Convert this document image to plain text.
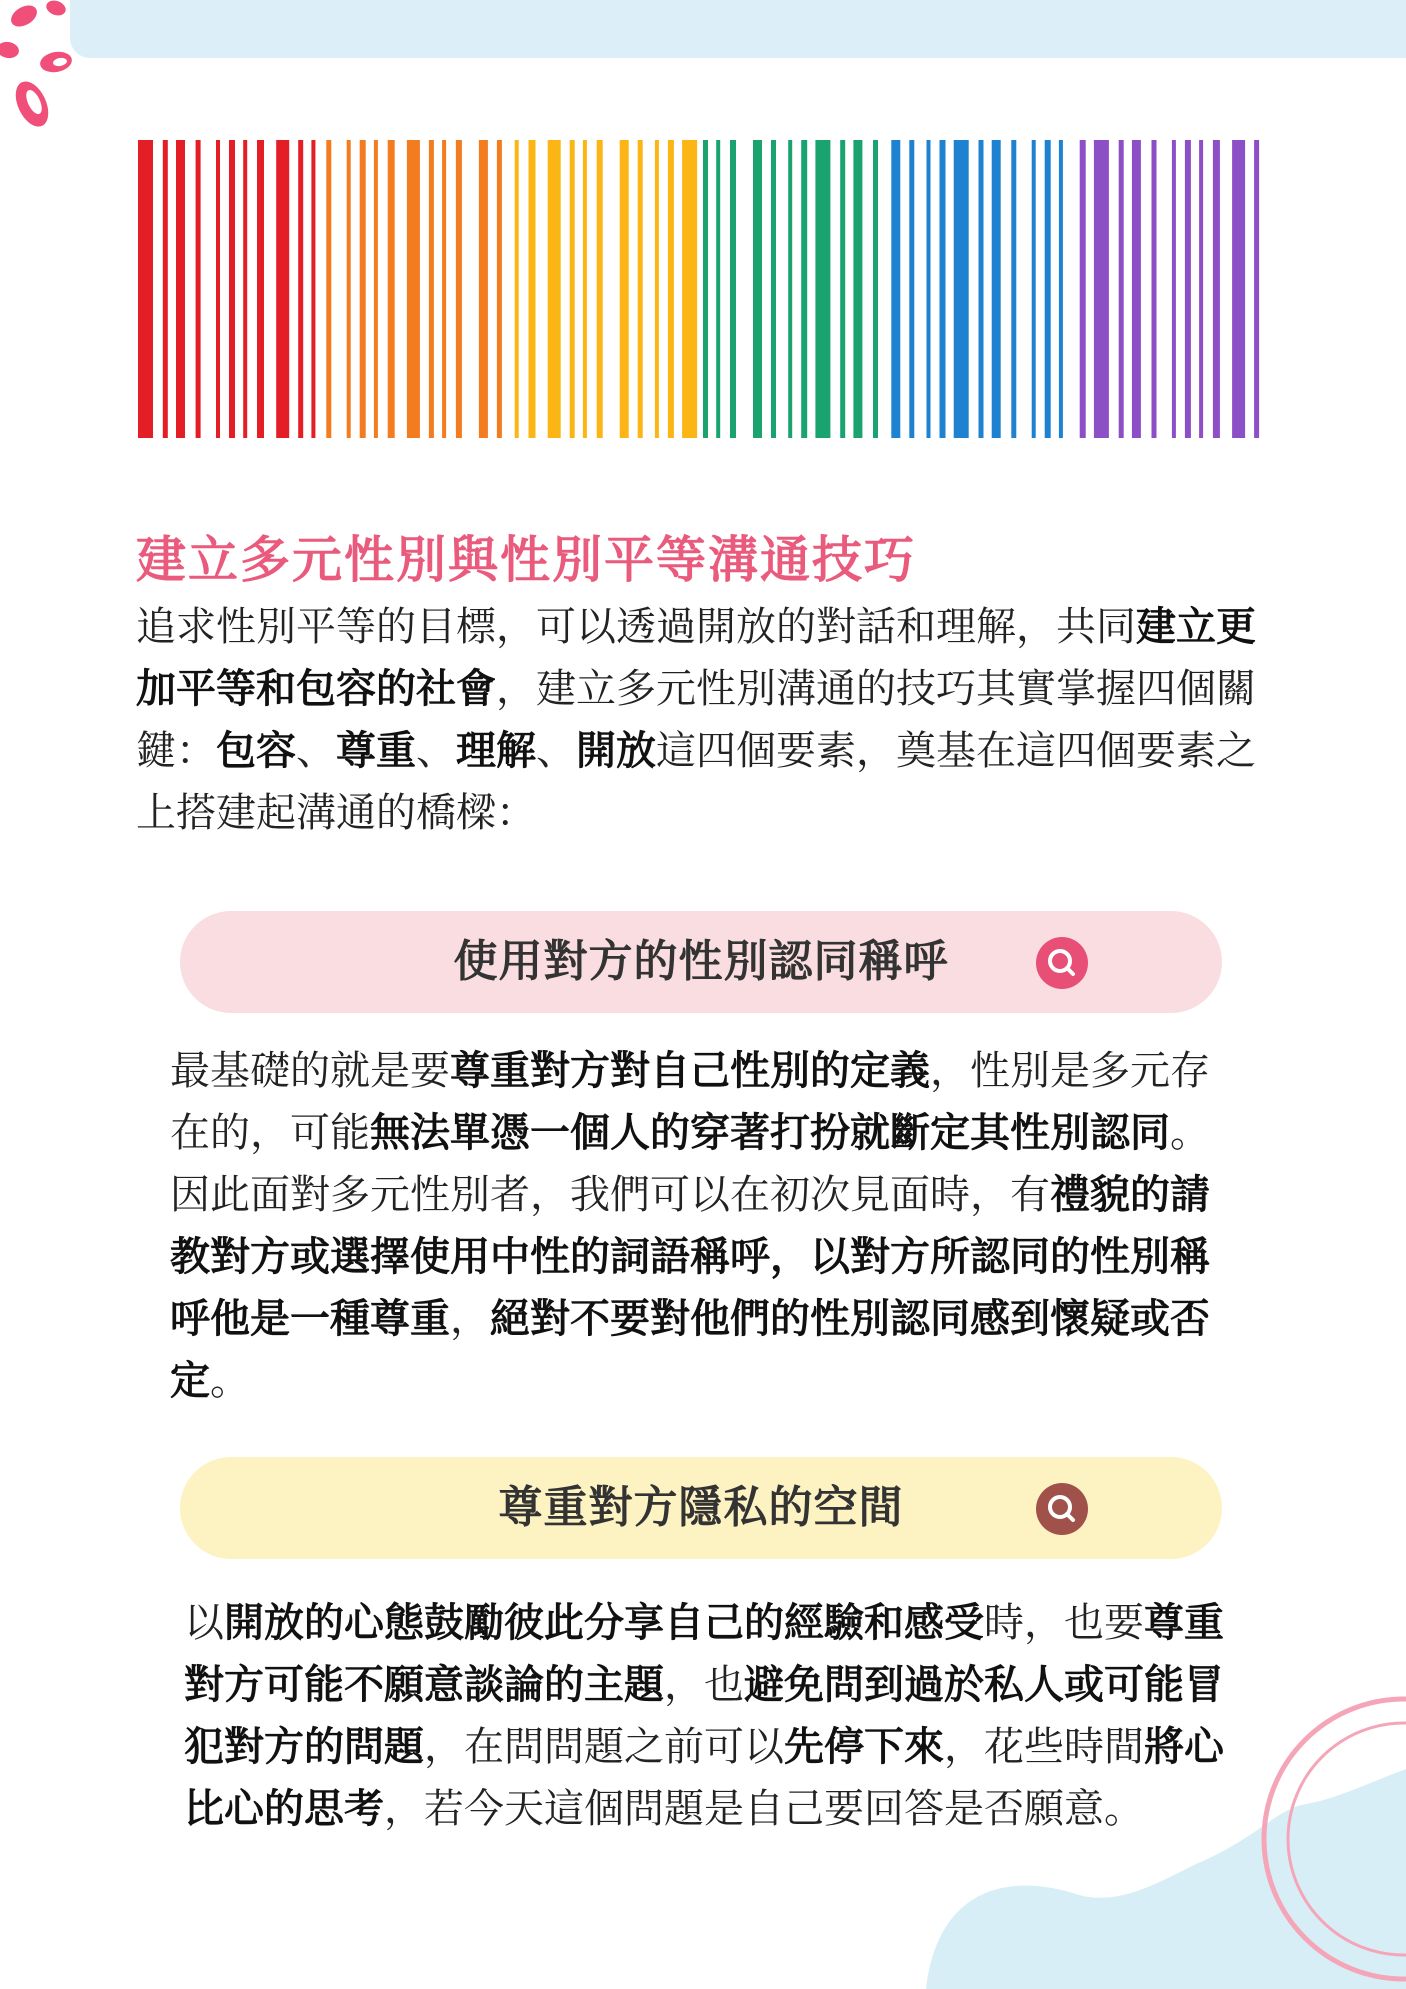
建立多元性別與性別平等溝通技巧

追求性別平等的目標，可以透過開放的對話和理解，共同建立更加平等和包容的社會，建立多元性別溝通的技巧其實掌握四個關鍵：包容、尊重、理解、開放這四個要素，奠基在這四個要素之上搭建起溝通的橋樑：

使用對方的性別認同稱呼

最基礎的就是要尊重對方對自己性別的定義，性別是多元存在的，可能無法單憑一個人的穿著打扮就斷定其性別認同。因此面對多元性別者，我們可以在初次見面時，有禮貌的請教對方或選擇使用中性的詞語稱呼，以對方所認同的性別稱呼他是一種尊重，絕對不要對他們的性別認同感到懷疑或否定。

尊重對方隱私的空間

以開放的心態鼓勵彼此分享自己的經驗和感受時，也要尊重對方可能不願意談論的主題，也避免問到過於私人或可能冒犯對方的問題，在問問題之前可以先停下來，花些時間將心比心的思考，若今天這個問題是自己要回答是否願意。
